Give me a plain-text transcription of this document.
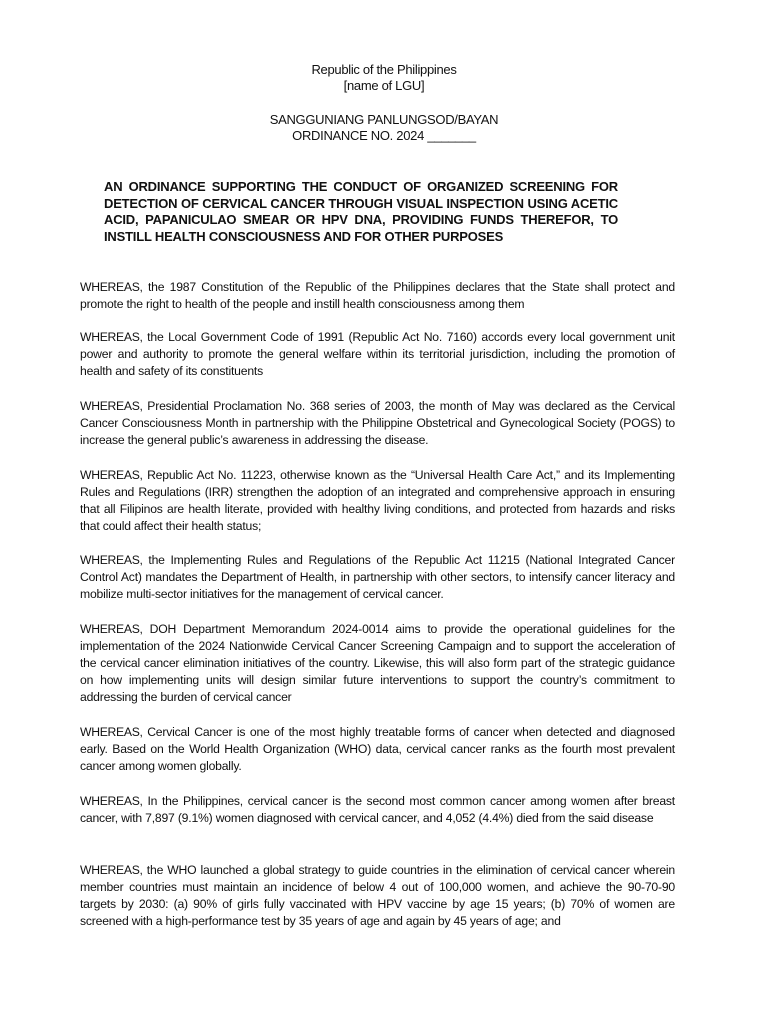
Republic of the Philippines
[name of LGU]
SANGGUNIANG PANLUNGSOD/BAYAN
ORDINANCE NO. 2024 _______
AN ORDINANCE SUPPORTING THE CONDUCT OF ORGANIZED SCREENING FOR DETECTION OF CERVICAL CANCER THROUGH VISUAL INSPECTION USING ACETIC ACID, PAPANICULAO SMEAR OR HPV DNA, PROVIDING FUNDS THEREFOR, TO INSTILL HEALTH CONSCIOUSNESS AND FOR OTHER PURPOSES
WHEREAS, the 1987 Constitution of the Republic of the Philippines declares that the State shall protect and promote the right to health of the people and instill health consciousness among them
WHEREAS, the Local Government Code of 1991 (Republic Act No. 7160) accords every local government unit power and authority to promote the general welfare within its territorial jurisdiction, including the promotion of health and safety of its constituents
WHEREAS, Presidential Proclamation No. 368 series of 2003, the month of May was declared as the Cervical Cancer Consciousness Month in partnership with the Philippine Obstetrical and Gynecological Society (POGS) to increase the general public’s awareness in addressing the disease.
WHEREAS, Republic Act No. 11223, otherwise known as the “Universal Health Care Act,” and its Implementing Rules and Regulations (IRR) strengthen the adoption of an integrated and comprehensive approach in ensuring that all Filipinos are health literate, provided with healthy living conditions, and protected from hazards and risks that could affect their health status;
WHEREAS, the Implementing Rules and Regulations of the Republic Act 11215 (National Integrated Cancer Control Act) mandates the Department of Health, in partnership with other sectors, to intensify cancer literacy and mobilize multi-sector initiatives for the management of cervical cancer.
WHEREAS, DOH Department Memorandum 2024-0014 aims to provide the operational guidelines for the implementation of the 2024 Nationwide Cervical Cancer Screening Campaign and to support the acceleration of the cervical cancer elimination initiatives of the country. Likewise, this will also form part of the strategic guidance on how implementing units will design similar future interventions to support the country’s commitment to addressing the burden of cervical cancer
WHEREAS, Cervical Cancer is one of the most highly treatable forms of cancer when detected and diagnosed early. Based on the World Health Organization (WHO) data, cervical cancer ranks as the fourth most prevalent cancer among women globally.
WHEREAS, In the Philippines, cervical cancer is the second most common cancer among women after breast cancer, with 7,897 (9.1%) women diagnosed with cervical cancer, and 4,052 (4.4%) died from the said disease
WHEREAS, the WHO launched a global strategy to guide countries in the elimination of cervical cancer wherein member countries must maintain an incidence of below 4 out of 100,000 women, and achieve the 90-70-90 targets by 2030: (a) 90% of girls fully vaccinated with HPV vaccine by age 15 years; (b) 70% of women are screened with a high-performance test by 35 years of age and again by 45 years of age; and
